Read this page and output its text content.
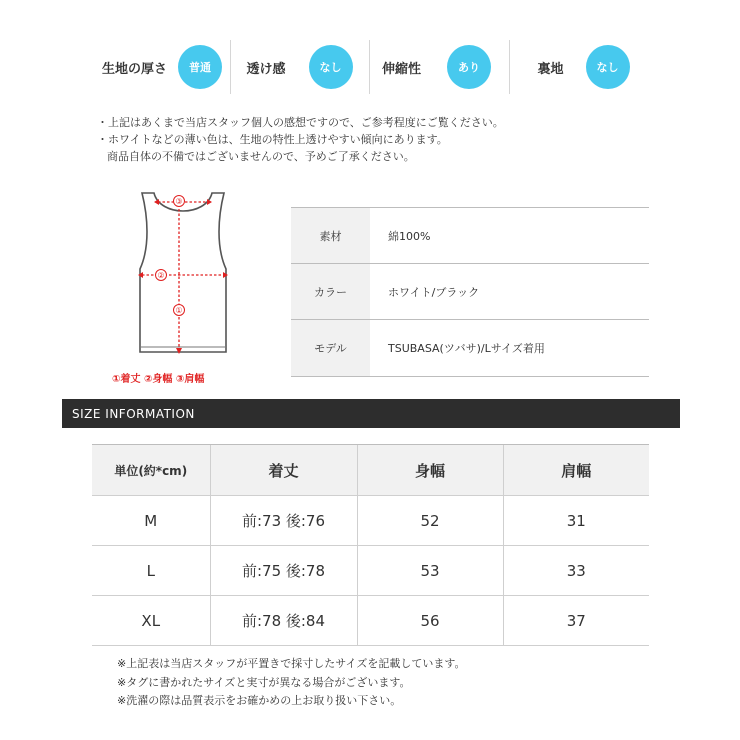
生地の厚さ	普通	透け感	なし	伸縮性	あり	裏地	なし
・上記はあくまで当店スタッフ個人の感想ですので、ご参考程度にご覧ください。
・ホワイトなどの薄い色は、生地の特性上透けやすい傾向にあります。
商品自体の不備ではございませんので、予めご了承ください。
③
②
①
①着丈 ②身幅 ③肩幅
素材	綿100%
カラー	ホワイト/ブラック
モデル	TSUBASA(ツバサ)/Lサイズ着用
SIZE INFORMATION
単位(約*cm)	着丈	身幅	肩幅
M	前:73 後:76	52	31
L	前:75 後:78	53	33
XL	前:78 後:84	56	37
※上記表は当店スタッフが平置きで採寸したサイズを記載しています。
※タグに書かれたサイズと実寸が異なる場合がございます。
※洗濯の際は品質表示をお確かめの上お取り扱い下さい。
